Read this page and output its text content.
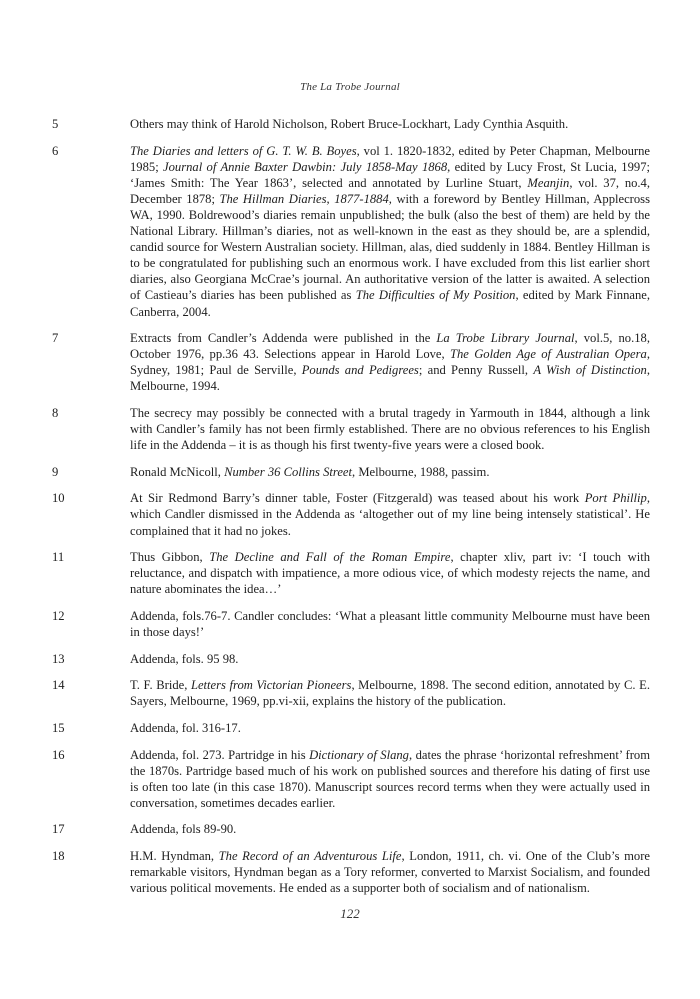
The La Trobe Journal
5	Others may think of Harold Nicholson, Robert Bruce-Lockhart, Lady Cynthia Asquith.
6	The Diaries and letters of G. T. W. B. Boyes, vol 1. 1820-1832, edited by Peter Chapman, Melbourne 1985; Journal of Annie Baxter Dawbin: July 1858-May 1868, edited by Lucy Frost, St Lucia, 1997; ‘James Smith: The Year 1863’, selected and annotated by Lurline Stuart, Meanjin, vol. 37, no.4, December 1878; The Hillman Diaries, 1877-1884, with a foreword by Bentley Hillman, Applecross WA, 1990. Boldrewood’s diaries remain unpublished; the bulk (also the best of them) are held by the National Library. Hillman’s diaries, not as well-known in the east as they should be, are a splendid, candid source for Western Australian society. Hillman, alas, died suddenly in 1884. Bentley Hillman is to be congratulated for publishing such an enormous work. I have excluded from this list earlier short diaries, also Georgiana McCrae’s journal. An authoritative version of the latter is awaited. A selection of Castieau’s diaries has been published as The Difficulties of My Position, edited by Mark Finnane, Canberra, 2004.
7	Extracts from Candler’s Addenda were published in the La Trobe Library Journal, vol.5, no.18, October 1976, pp.36 43. Selections appear in Harold Love, The Golden Age of Australian Opera, Sydney, 1981; Paul de Serville, Pounds and Pedigrees; and Penny Russell, A Wish of Distinction, Melbourne, 1994.
8	The secrecy may possibly be connected with a brutal tragedy in Yarmouth in 1844, although a link with Candler’s family has not been firmly established. There are no obvious references to his English life in the Addenda – it is as though his first twenty-five years were a closed book.
9	Ronald McNicoll, Number 36 Collins Street, Melbourne, 1988, passim.
10	At Sir Redmond Barry’s dinner table, Foster (Fitzgerald) was teased about his work Port Phillip, which Candler dismissed in the Addenda as ‘altogether out of my line being intensely statistical’. He complained that it had no jokes.
11	Thus Gibbon, The Decline and Fall of the Roman Empire, chapter xliv, part iv: ‘I touch with reluctance, and dispatch with impatience, a more odious vice, of which modesty rejects the name, and nature abominates the idea…’
12	Addenda, fols.76-7. Candler concludes: ‘What a pleasant little community Melbourne must have been in those days!’
13	Addenda, fols. 95 98.
14	T. F. Bride, Letters from Victorian Pioneers, Melbourne, 1898. The second edition, annotated by C. E. Sayers, Melbourne, 1969, pp.vi-xii, explains the history of the publication.
15	Addenda, fol. 316-17.
16	Addenda, fol. 273. Partridge in his Dictionary of Slang, dates the phrase ‘horizontal refreshment’ from the 1870s. Partridge based much of his work on published sources and therefore his dating of first use is often too late (in this case 1870). Manuscript sources record terms when they were actually used in conversation, sometimes decades earlier.
17	Addenda, fols 89-90.
18	H.M. Hyndman, The Record of an Adventurous Life, London, 1911, ch. vi. One of the Club’s more remarkable visitors, Hyndman began as a Tory reformer, converted to Marxist Socialism, and founded various political movements. He ended as a supporter both of socialism and of nationalism.
122
